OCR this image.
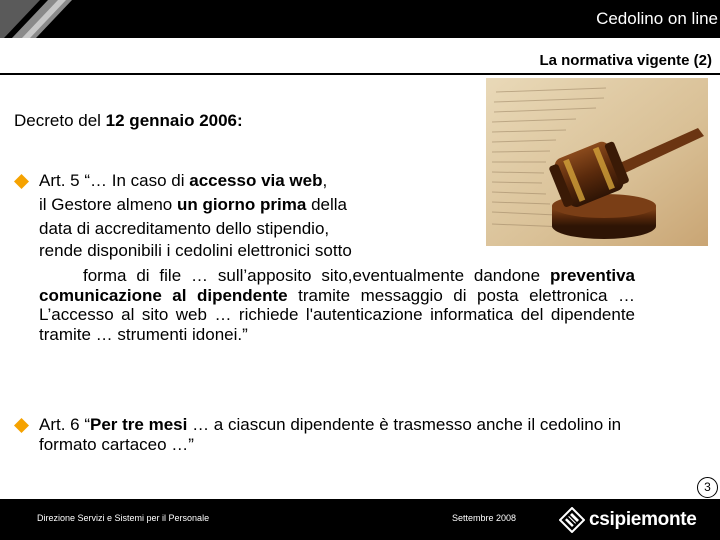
Cedolino on line
La normativa vigente (2)
Decreto del 12 gennaio 2006:
Art. 5 “… In caso di accesso via web,
il Gestore almeno un giorno prima della
data di accreditamento dello stipendio,
rende disponibili i cedolini elettronici sotto
forma di file … sull’apposito sito,eventualmente dandone preventiva comunicazione al dipendente tramite messaggio di posta elettronica … L’accesso al sito web … richiede l'autenticazione informatica del dipendente tramite … strumenti idonei.”
Art. 6 “Per tre mesi … a ciascun dipendente è trasmesso anche il cedolino in formato cartaceo …”
3
Direzione Servizi e Sistemi per il Personale	Settembre 2008	csipiemonte
